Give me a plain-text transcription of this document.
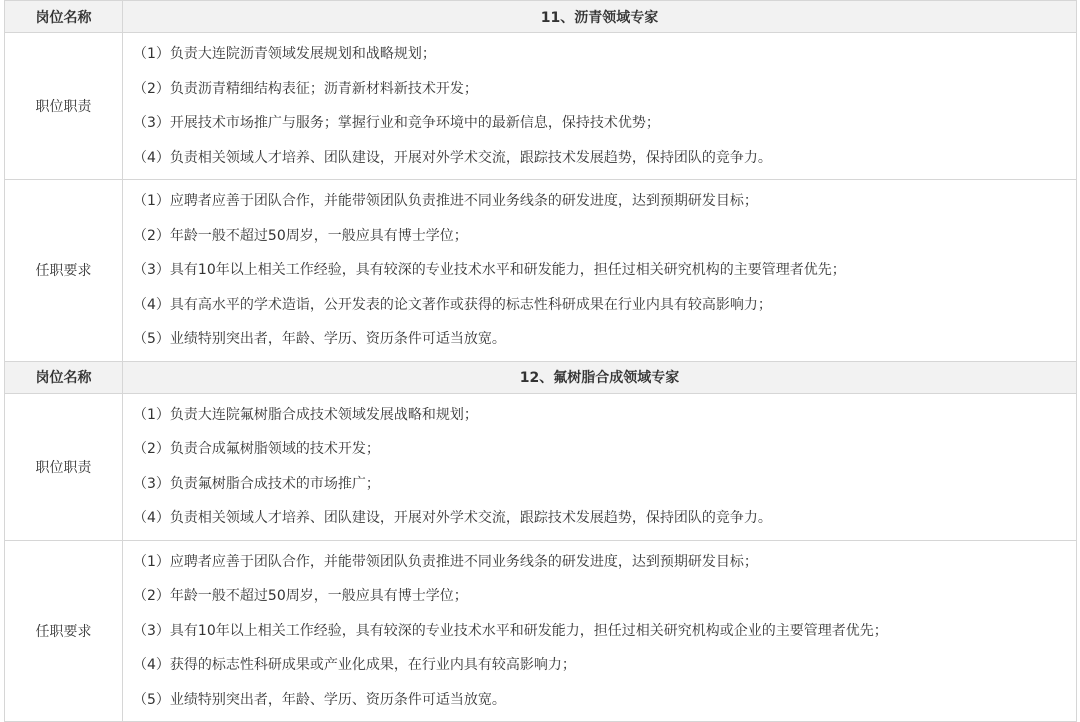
岗位名称	11、沥青领域专家
职位职责	（1）负责大连院沥青领域发展规划和战略规划；
（2）负责沥青精细结构表征；沥青新材料新技术开发；
（3）开展技术市场推广与服务；掌握行业和竞争环境中的最新信息，保持技术优势；
（4）负责相关领域人才培养、团队建设，开展对外学术交流，跟踪技术发展趋势，保持团队的竞争力。

任职要求	（1）应聘者应善于团队合作，并能带领团队负责推进不同业务线条的研发进度，达到预期研发目标；
（2）年龄一般不超过50周岁，一般应具有博士学位；
（3）具有10年以上相关工作经验，具有较深的专业技术水平和研发能力，担任过相关研究机构的主要管理者优先；
（4）具有高水平的学术造诣，公开发表的论文著作或获得的标志性科研成果在行业内具有较高影响力；
（5）业绩特别突出者，年龄、学历、资历条件可适当放宽。

岗位名称	12、氟树脂合成领域专家
职位职责	（1）负责大连院氟树脂合成技术领域发展战略和规划；
（2）负责合成氟树脂领域的技术开发；
（3）负责氟树脂合成技术的市场推广；
（4）负责相关领域人才培养、团队建设，开展对外学术交流，跟踪技术发展趋势，保持团队的竞争力。

任职要求	（1）应聘者应善于团队合作，并能带领团队负责推进不同业务线条的研发进度，达到预期研发目标；
（2）年龄一般不超过50周岁，一般应具有博士学位；
（3）具有10年以上相关工作经验，具有较深的专业技术水平和研发能力，担任过相关研究机构或企业的主要管理者优先；
（4）获得的标志性科研成果或产业化成果，在行业内具有较高影响力；
（5）业绩特别突出者，年龄、学历、资历条件可适当放宽。
